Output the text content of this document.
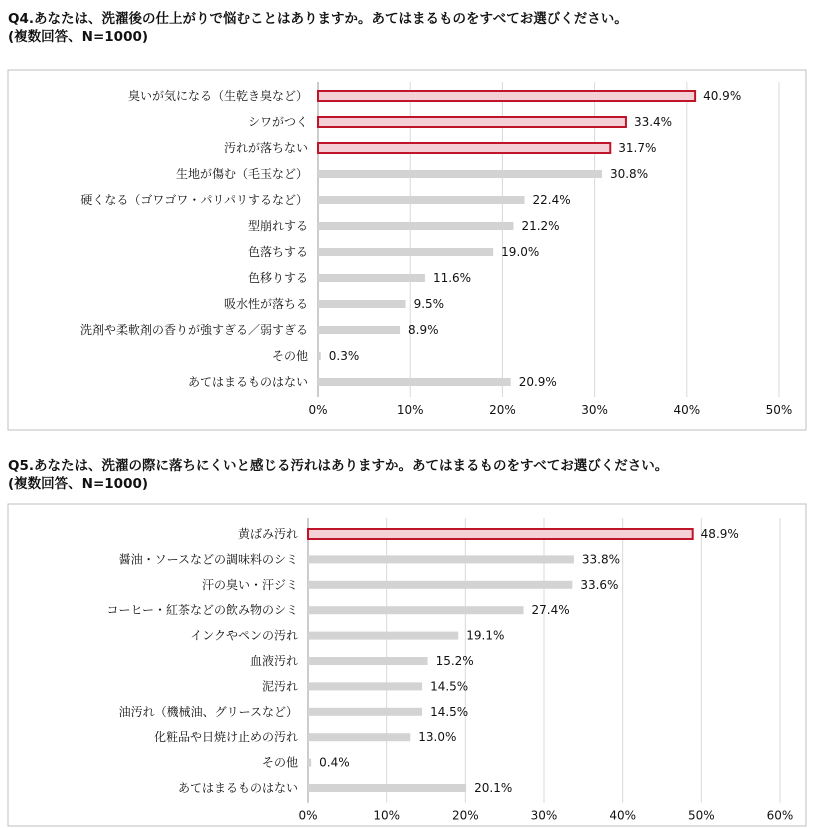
Q4.あなたは、洗濯後の仕上がりで悩むことはありますか。あてはまるものをすべてお選びください。
(複数回答、N=1000)
0%	10%	20%	30%	40%	50%
臭いが気になる（生乾き臭など）	40.9%
シワがつく	33.4%
汚れが落ちない	31.7%
生地が傷む（毛玉など）	30.8%
硬くなる（ゴワゴワ・パリパリするなど）	22.4%
型崩れする	21.2%
色落ちする	19.0%
色移りする	11.6%
吸水性が落ちる	9.5%
洗剤や柔軟剤の香りが強すぎる／弱すぎる	8.9%
その他 0.3%
あてはまるものはない	20.9%
Q5.あなたは、洗濯の際に落ちにくいと感じる汚れはありますか。あてはまるものをすべてお選びください。
(複数回答、N=1000)
0%	10%	20%	30%	40%	50%	60%
黄ばみ汚れ	48.9%
醤油・ソースなどの調味料のシミ	33.8%
汗の臭い・汗ジミ	33.6%
コーヒー・紅茶などの飲み物のシミ	27.4%
インクやペンの汚れ	19.1%
血液汚れ	15.2%
泥汚れ	14.5%
油汚れ（機械油、グリースなど）	14.5%
化粧品や日焼け止めの汚れ	13.0%
その他 0.4%
あてはまるものはない	20.1%
